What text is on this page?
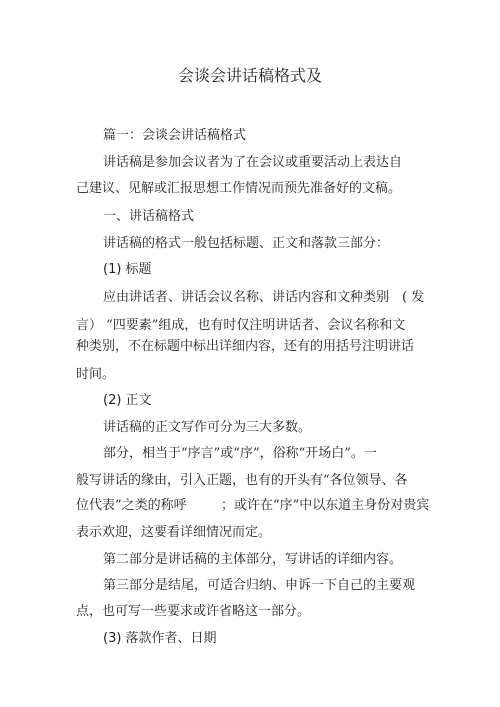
会谈会讲话稿格式及
篇一：会谈会讲话稿格式
讲话稿是参加会议者为了在会议或重要活动上表达自
己建议、见解或汇报思想工作情况而预先准备好的文稿。
一、讲话稿格式
讲话稿的格式一般包括标题、正文和落款三部分：
(1) 标题
应由讲话者、讲话会议名称、讲话内容和文种类别 ( 发
言） “四要素”组成，也有时仅注明讲话者、会议名称和文
种类别，不在标题中标出详细内容，还有的用括号注明讲话
时间。
(2) 正文
讲话稿的正文写作可分为三大多数。
部分，相当于“序言”或“序”，俗称“开场白”。一
般写讲话的缘由，引入正题，也有的开头有“各位领导、各
位代表”之类的称呼	；或许在“序”中以东道主身份对贵宾
表示欢迎，这要看详细情况而定。
第二部分是讲话稿的主体部分，写讲话的详细内容。
第三部分是结尾，可适合归纳、申诉一下自己的主要观
点，也可写一些要求或许省略这一部分。
(3) 落款作者、日期
